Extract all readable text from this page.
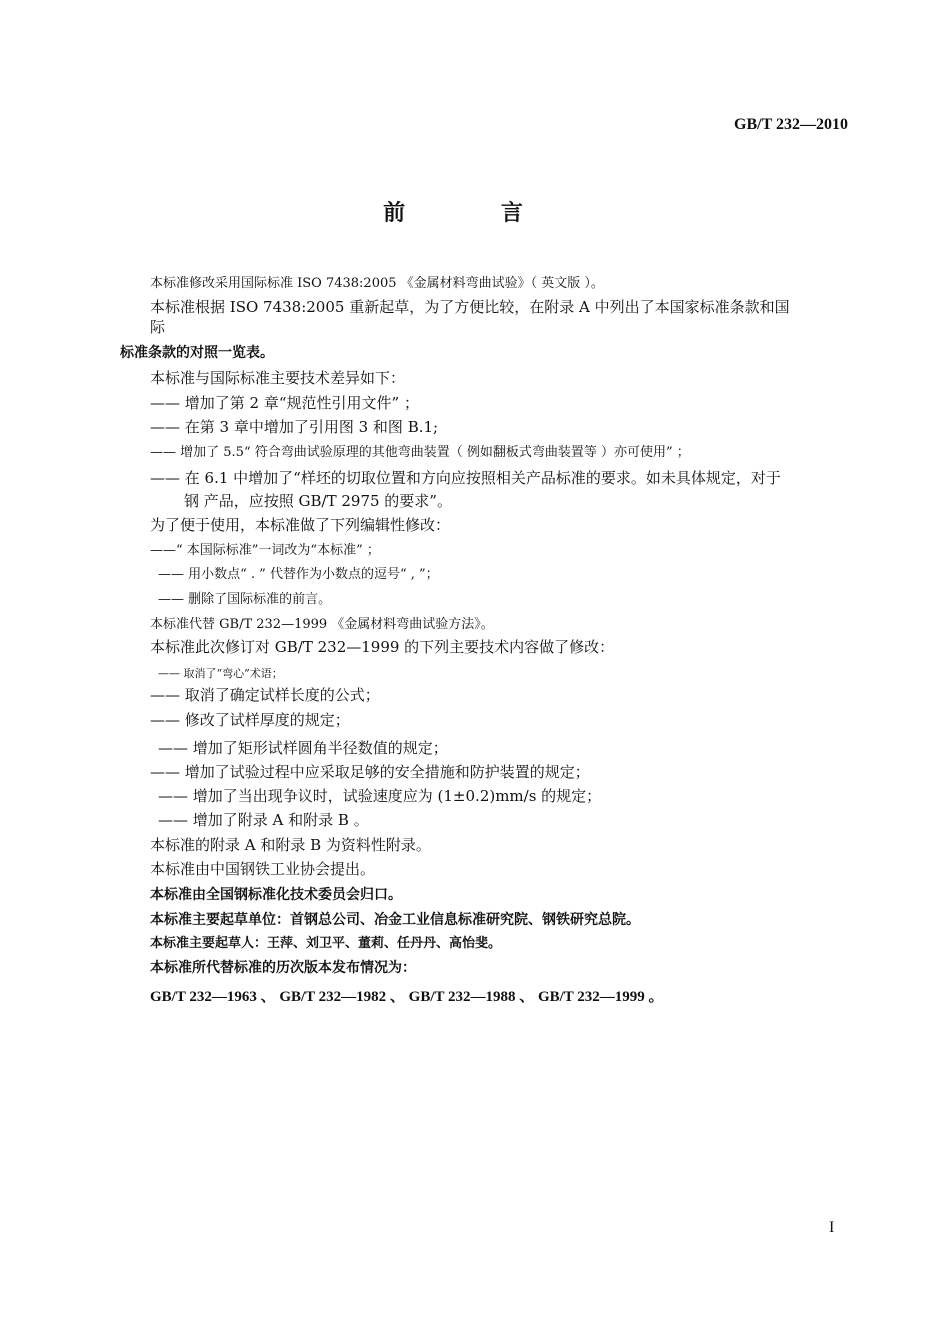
GB/T 232—2010
前 言
本标准修改采用国际标准 ISO 7438:2005 《金属材料弯曲试验》（ 英文版 ）。
本标准根据 ISO 7438:2005 重新起草，为了方便比较，在附录 A 中列出了本国家标准条款和国
际
标准条款的对照一览表。
本标准与国际标准主要技术差异如下：
—— 增加了第 2 章“规范性引用文件” ；
—— 在第 3 章中增加了引用图 3 和图 B.1;
—— 增加了 5.5“ 符合弯曲试验原理的其他弯曲装置（ 例如翻板式弯曲装置等 ）亦可使用” ；
—— 在 6.1 中增加了“样坯的切取位置和方向应按照相关产品标准的要求。如未具体规定，对于
钢 产品，应按照 GB/T 2975 的要求”。
为了便于使用，本标准做了下列编辑性修改：
——“ 本国际标准”一词改为“本标准” ；
—— 用小数点“ . ” 代替作为小数点的逗号“ , ”；
—— 删除了国际标准的前言。
本标准代替 GB/T 232—1999 《金属材料弯曲试验方法》。
本标准此次修订对 GB/T 232—1999 的下列主要技术内容做了修改：
—— 取消了“弯心”术语；
—— 取消了确定试样长度的公式；
—— 修改了试样厚度的规定；
—— 增加了矩形试样圆角半径数值的规定；
—— 增加了试验过程中应采取足够的安全措施和防护装置的规定；
—— 增加了当出现争议时，试验速度应为 (1±0.2)mm/s 的规定；
—— 增加了附录 A 和附录 B 。
本标准的附录 A 和附录 B 为资料性附录。
本标准由中国钢铁工业协会提出。
本标准由全国钢标准化技术委员会归口。
本标准主要起草单位：首钢总公司、冶金工业信息标准研究院、钢铁研究总院。
本标准主要起草人：王萍、刘卫平、董莉、任丹丹、高怡斐。
本标准所代替标准的历次版本发布情况为：
GB/T 232—1963 、 GB/T 232—1982 、 GB/T 232—1988 、 GB/T 232—1999 。
I
